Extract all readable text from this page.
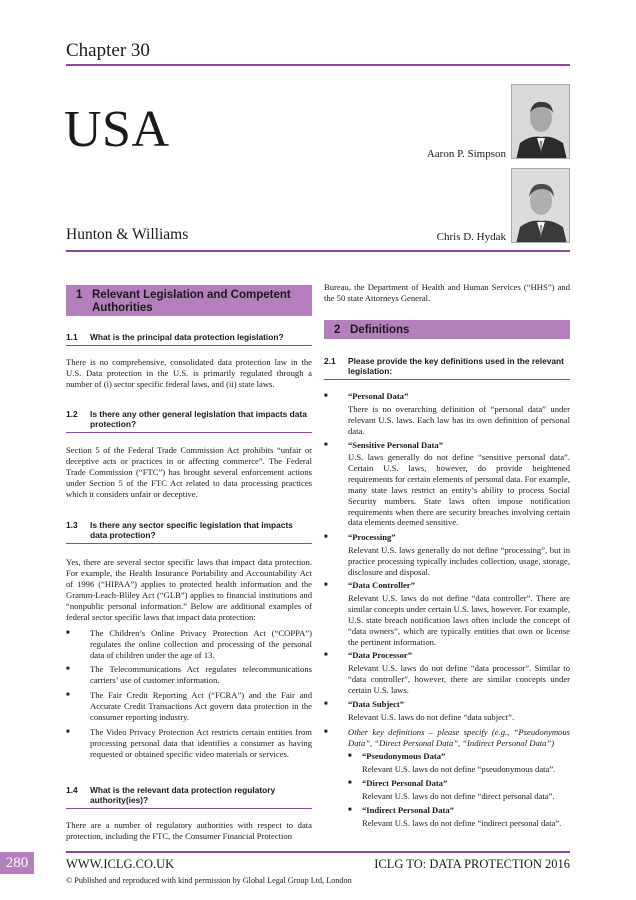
Chapter 30
USA	Aaron P. Simpson
Chris D. Hydak
Hunton & Williams
1 Relevant Legislation and Competent Authorities
1.1	What is the principal data protection legislation?
There is no comprehensive, consolidated data protection law in the U.S. Data protection in the U.S. is primarily regulated through a number of (i) sector specific federal laws, and (ii) state laws.
1.2	Is there any other general legislation that impacts data protection?
Section 5 of the Federal Trade Commission Act prohibits “unfair or deceptive acts or practices in or affecting commerce”. The Federal Trade Commission (“FTC”) has brought several enforcement actions under Section 5 of the FTC Act related to data processing practices which it considers unfair or deceptive.
1.3	Is there any sector specific legislation that impacts data protection?
Yes, there are several sector specific laws that impact data protection. For example, the Health Insurance Portability and Accountability Act of 1996 (“HIPAA”) applies to protected health information and the Gramm-Leach-Bliley Act (“GLB”) applies to financial institutions and “nonpublic personal information.” Below are additional examples of federal sector specific laws that impact data protection:
■ The Children’s Online Privacy Protection Act (“COPPA”) regulates the online collection and processing of the personal data of children under the age of 13.
■ The Telecommunications Act regulates telecommunications carriers’ use of customer information.
■ The Fair Credit Reporting Act (“FCRA”) and the Fair and Accurate Credit Transactions Act govern data protection in the consumer reporting industry.
■ The Video Privacy Protection Act restricts certain entities from processing personal data that identifies a consumer as having requested or obtained specific video materials or services.
1.4	What is the relevant data protection regulatory authority(ies)?
There are a number of regulatory authorities with respect to data protection, including the FTC, the Consumer Financial Protection
Bureau, the Department of Health and Human Services (“HHS”) and the 50 state Attorneys General.
2 Definitions
2.1	Please provide the key definitions used in the relevant legislation:
■ “Personal Data”
There is no overarching definition of “personal data” under relevant U.S. laws. Each law has its own definition of personal data.
■ “Sensitive Personal Data”
U.S. laws generally do not define “sensitive personal data”. Certain U.S. laws, however, do provide heightened requirements for certain elements of personal data. For example, many state laws restrict an entity’s ability to process Social Security numbers. State laws often impose notification requirements when there are security breaches involving certain data elements deemed sensitive.
■ “Processing”
Relevant U.S. laws generally do not define “processing”, but in practice processing typically includes collection, usage, storage, disclosure and disposal.
■ “Data Controller”
Relevant U.S. laws do not define “data controller”. There are similar concepts under certain U.S. laws, however. For example, U.S. state breach notification laws often include the concept of “data owners”, which are typically entities that own or license the pertinent information.
■ “Data Processor”
Relevant U.S. laws do not define “data processor”. Similar to “data controller”, however, there are similar concepts under certain U.S. laws.
■ “Data Subject”
Relevant U.S. laws do not define “data subject”.
■ Other key definitions – please specify (e.g., “Pseudonymous Data”, “Direct Personal Data”, “Indirect Personal Data”)
■ “Pseudonymous Data”
Relevant U.S. laws do not define “pseudonymous data”.
■ “Direct Personal Data”
Relevant U.S. laws do not define “direct personal data”.
■ “Indirect Personal Data”
Relevant U.S. laws do not define “indirect personal data”.
280	WWW.ICLG.CO.UK	ICLG TO: DATA PROTECTION 2016
© Published and reproduced with kind permission by Global Legal Group Ltd, London
